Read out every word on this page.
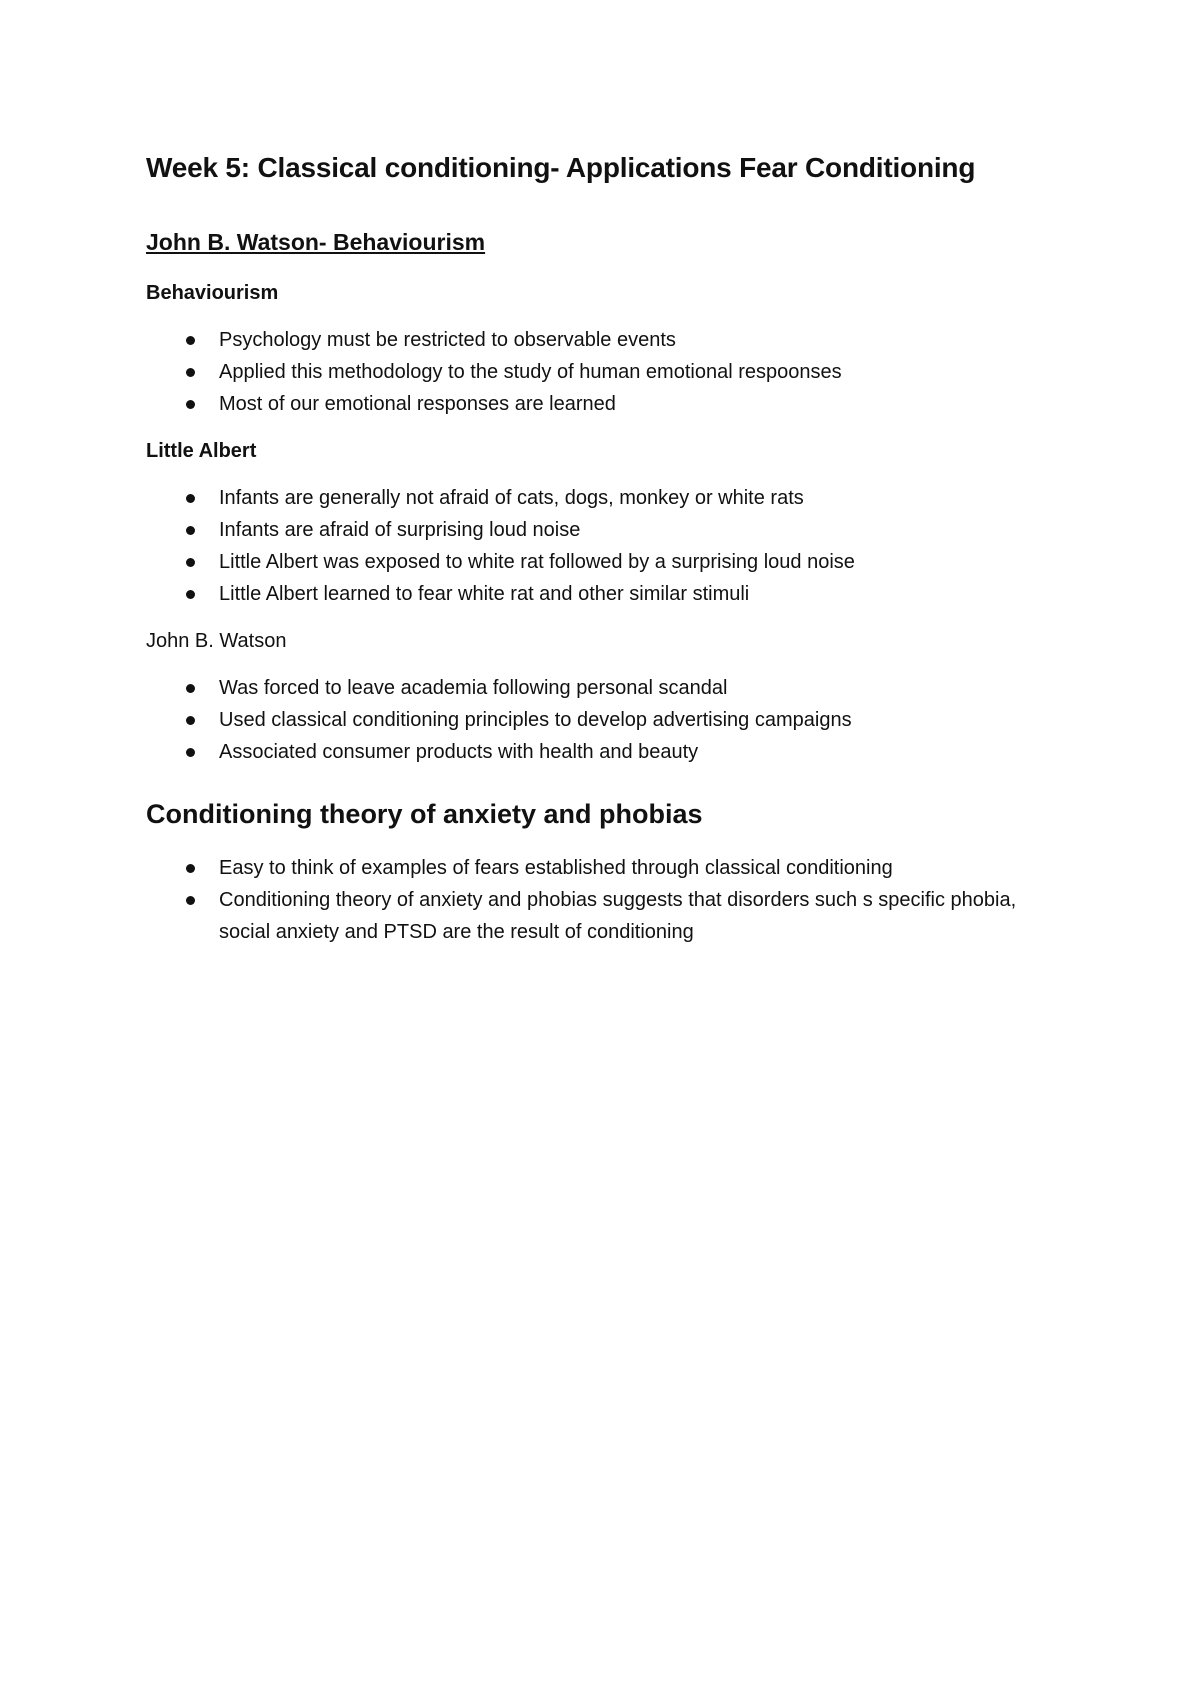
Week 5: Classical conditioning- Applications Fear Conditioning
John B. Watson- Behaviourism
Behaviourism
Psychology must be restricted to observable events
Applied this methodology to the study of human emotional respoonses
Most of our emotional responses are learned
Little Albert
Infants are generally not afraid of cats, dogs, monkey or white rats
Infants are afraid of surprising loud noise
Little Albert was exposed to white rat followed by a surprising loud noise
Little Albert learned to fear white rat and other similar stimuli
John B. Watson
Was forced to leave academia following personal scandal
Used classical conditioning principles to develop advertising campaigns
Associated consumer products with health and beauty
Conditioning theory of anxiety and phobias
Easy to think of examples of fears established through classical conditioning
Conditioning theory of anxiety and phobias suggests that disorders such s specific phobia, social anxiety and PTSD are the result of conditioning
